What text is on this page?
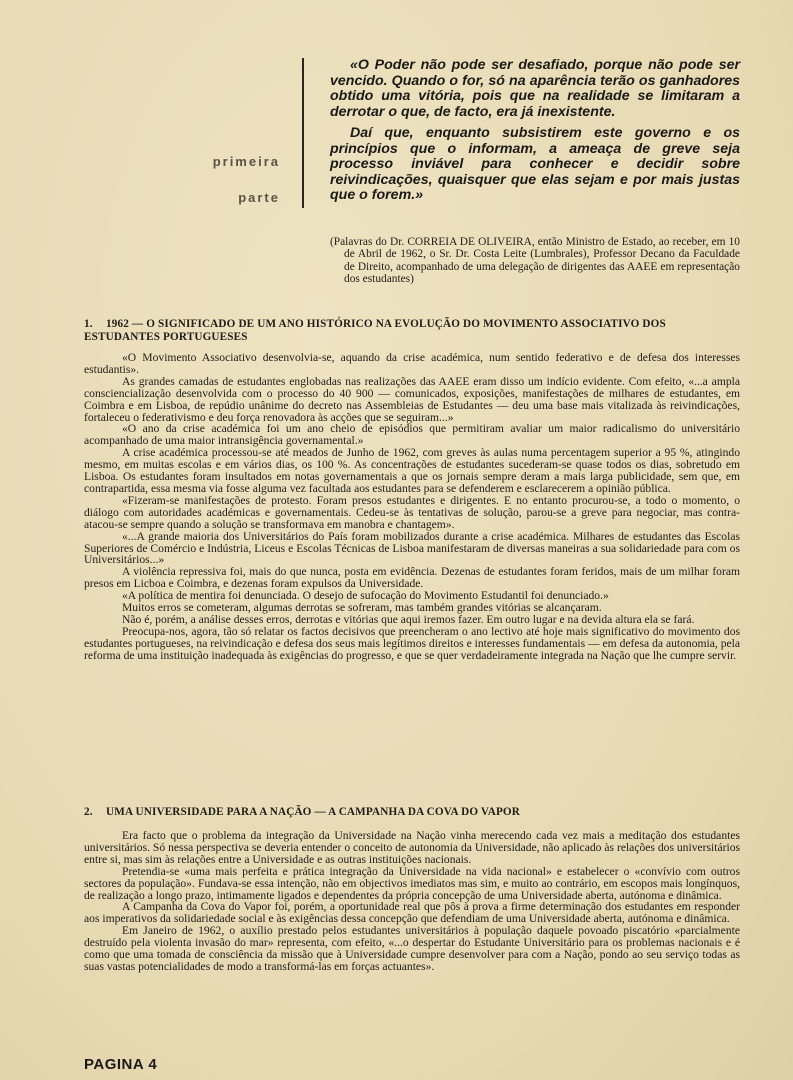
primeira
parte

«O Poder não pode ser desafiado, porque não pode ser vencido. Quando o for, só na aparência terão os ganhadores obtido uma vitória, pois que na realidade se limitaram a derrotar o que, de facto, era já inexistente.

Daí que, enquanto subsistirem este governo e os princípios que o informam, a ameaça de greve seja processo inviável para conhecer e decidir sobre reivindicações, quaisquer que elas sejam e por mais justas que o forem.»

(Palavras do Dr. CORREIA DE OLIVEIRA, então Ministro de Estado, ao receber, em 10 de Abril de 1962, o Sr. Dr. Costa Leite (Lumbrales), Professor Decano da Faculdade de Direito, acompanhado de uma delegação de dirigentes das AAEE em representação dos estudantes)
1. 1962 — O SIGNIFICADO DE UM ANO HISTÓRICO NA EVOLUÇÃO DO MOVIMENTO ASSOCIATIVO DOS ESTUDANTES PORTUGUESES

«O Movimento Associativo desenvolvia-se, aquando da crise académica, num sentido federativo e de defesa dos interesses estudantis».

As grandes camadas de estudantes englobadas nas realizações das AAEE eram disso um indício evidente. Com efeito, «...a ampla consciencialização desenvolvida com o processo do 40 900 — comunicados, exposições, manifestações de milhares de estudantes, em Coimbra e em Lisboa, de repúdio unânime do decreto nas Assembleias de Estudantes — deu uma base mais vitalizada às reivindicações, fortaleceu o federativismo e deu força renovadora às acções que se seguiram...»

«O ano da crise académica foi um ano cheio de episódios que permitiram avaliar um maior radicalismo do universitário acompanhado de uma maior intransigência governamental.»

A crise académica processou-se até meados de Junho de 1962, com greves às aulas numa percentagem superior a 95 %, atingindo mesmo, em muitas escolas e em vários dias, os 100 %. As concentrações de estudantes sucederam-se quase todos os dias, sobretudo em Lisboa. Os estudantes foram insultados em notas governamentais a que os jornais sempre deram a mais larga publicidade, sem que, em contrapartida, essa mesma via fosse alguma vez facultada aos estudantes para se defenderem e esclarecerem a opinião pública.

«Fizeram-se manifestações de protesto. Foram presos estudantes e dirigentes. E no entanto procurou-se, a todo o momento, o diálogo com autoridades académicas e governamentais. Cedeu-se às tentativas de solução, parou-se a greve para negociar, mas contra-atacou-se sempre quando a solução se transformava em manobra e chantagem».

«...A grande maioria dos Universitários do País foram mobilizados durante a crise académica. Milhares de estudantes das Escolas Superiores de Comércio e Indústria, Liceus e Escolas Técnicas de Lisboa manifestaram de diversas maneiras a sua solidariedade para com os Universitários...»

A violência repressiva foi, mais do que nunca, posta em evidência. Dezenas de estudantes foram feridos, mais de um milhar foram presos em Licboa e Coimbra, e dezenas foram expulsos da Universidade.

«A política de mentira foi denunciada. O desejo de sufocação do Movimento Estudantil foi denunciado.»

Muitos erros se cometeram, algumas derrotas se sofreram, mas também grandes vitórias se alcançaram.

Não é, porém, a análise desses erros, derrotas e vitórias que aqui iremos fazer. Em outro lugar e na devida altura ela se fará.

Preocupa-nos, agora, tão só relatar os factos decisivos que preencheram o ano lectivo até hoje mais significativo do movimento dos estudantes portugueses, na reivindicação e defesa dos seus mais legítimos direitos e interesses fundamentais — em defesa da autonomia, pela reforma de uma instituição inadequada às exigências do progresso, e que se quer verdadeiramente integrada na Nação que lhe cumpre servir.

2. UMA UNIVERSIDADE PARA A NAÇÃO — A CAMPANHA DA COVA DO VAPOR

Era facto que o problema da integração da Universidade na Nação vinha merecendo cada vez mais a meditação dos estudantes universitários. Só nessa perspectiva se deveria entender o conceito de autonomia da Universidade, não aplicado às relações dos universitários entre si, mas sim às relações entre a Universidade e as outras instituições nacionais.

Pretendia-se «uma mais perfeita e prática integração da Universidade na vida nacional» e estabelecer o «convívio com outros sectores da população». Fundava-se essa intenção, não em objectivos imediatos mas sim, e muito ao contrário, em escopos mais longínquos, de realização a longo prazo, intimamente ligados e dependentes da própria concepção de uma Universidade aberta, autónoma e dinâmica.

A Campanha da Cova do Vapor foi, porém, a oportunidade real que pôs à prova a firme determinação dos estudantes em responder aos imperativos da solidariedade social e às exigências dessa concepção que defendiam de uma Universidade aberta, autónoma e dinâmica.

Em Janeiro de 1962, o auxílio prestado pelos estudantes universitários à população daquele povoado piscatório «parcialmente destruído pela violenta invasão do mar» representa, com efeito, «...o despertar do Estudante Universitário para os problemas nacionais e é como que uma tomada de consciência da missão que à Universidade cumpre desenvolver para com a Nação, pondo ao seu serviço todas as suas vastas potencialidades de modo a transformá-las em forças actuantes».

PAGINA 4
